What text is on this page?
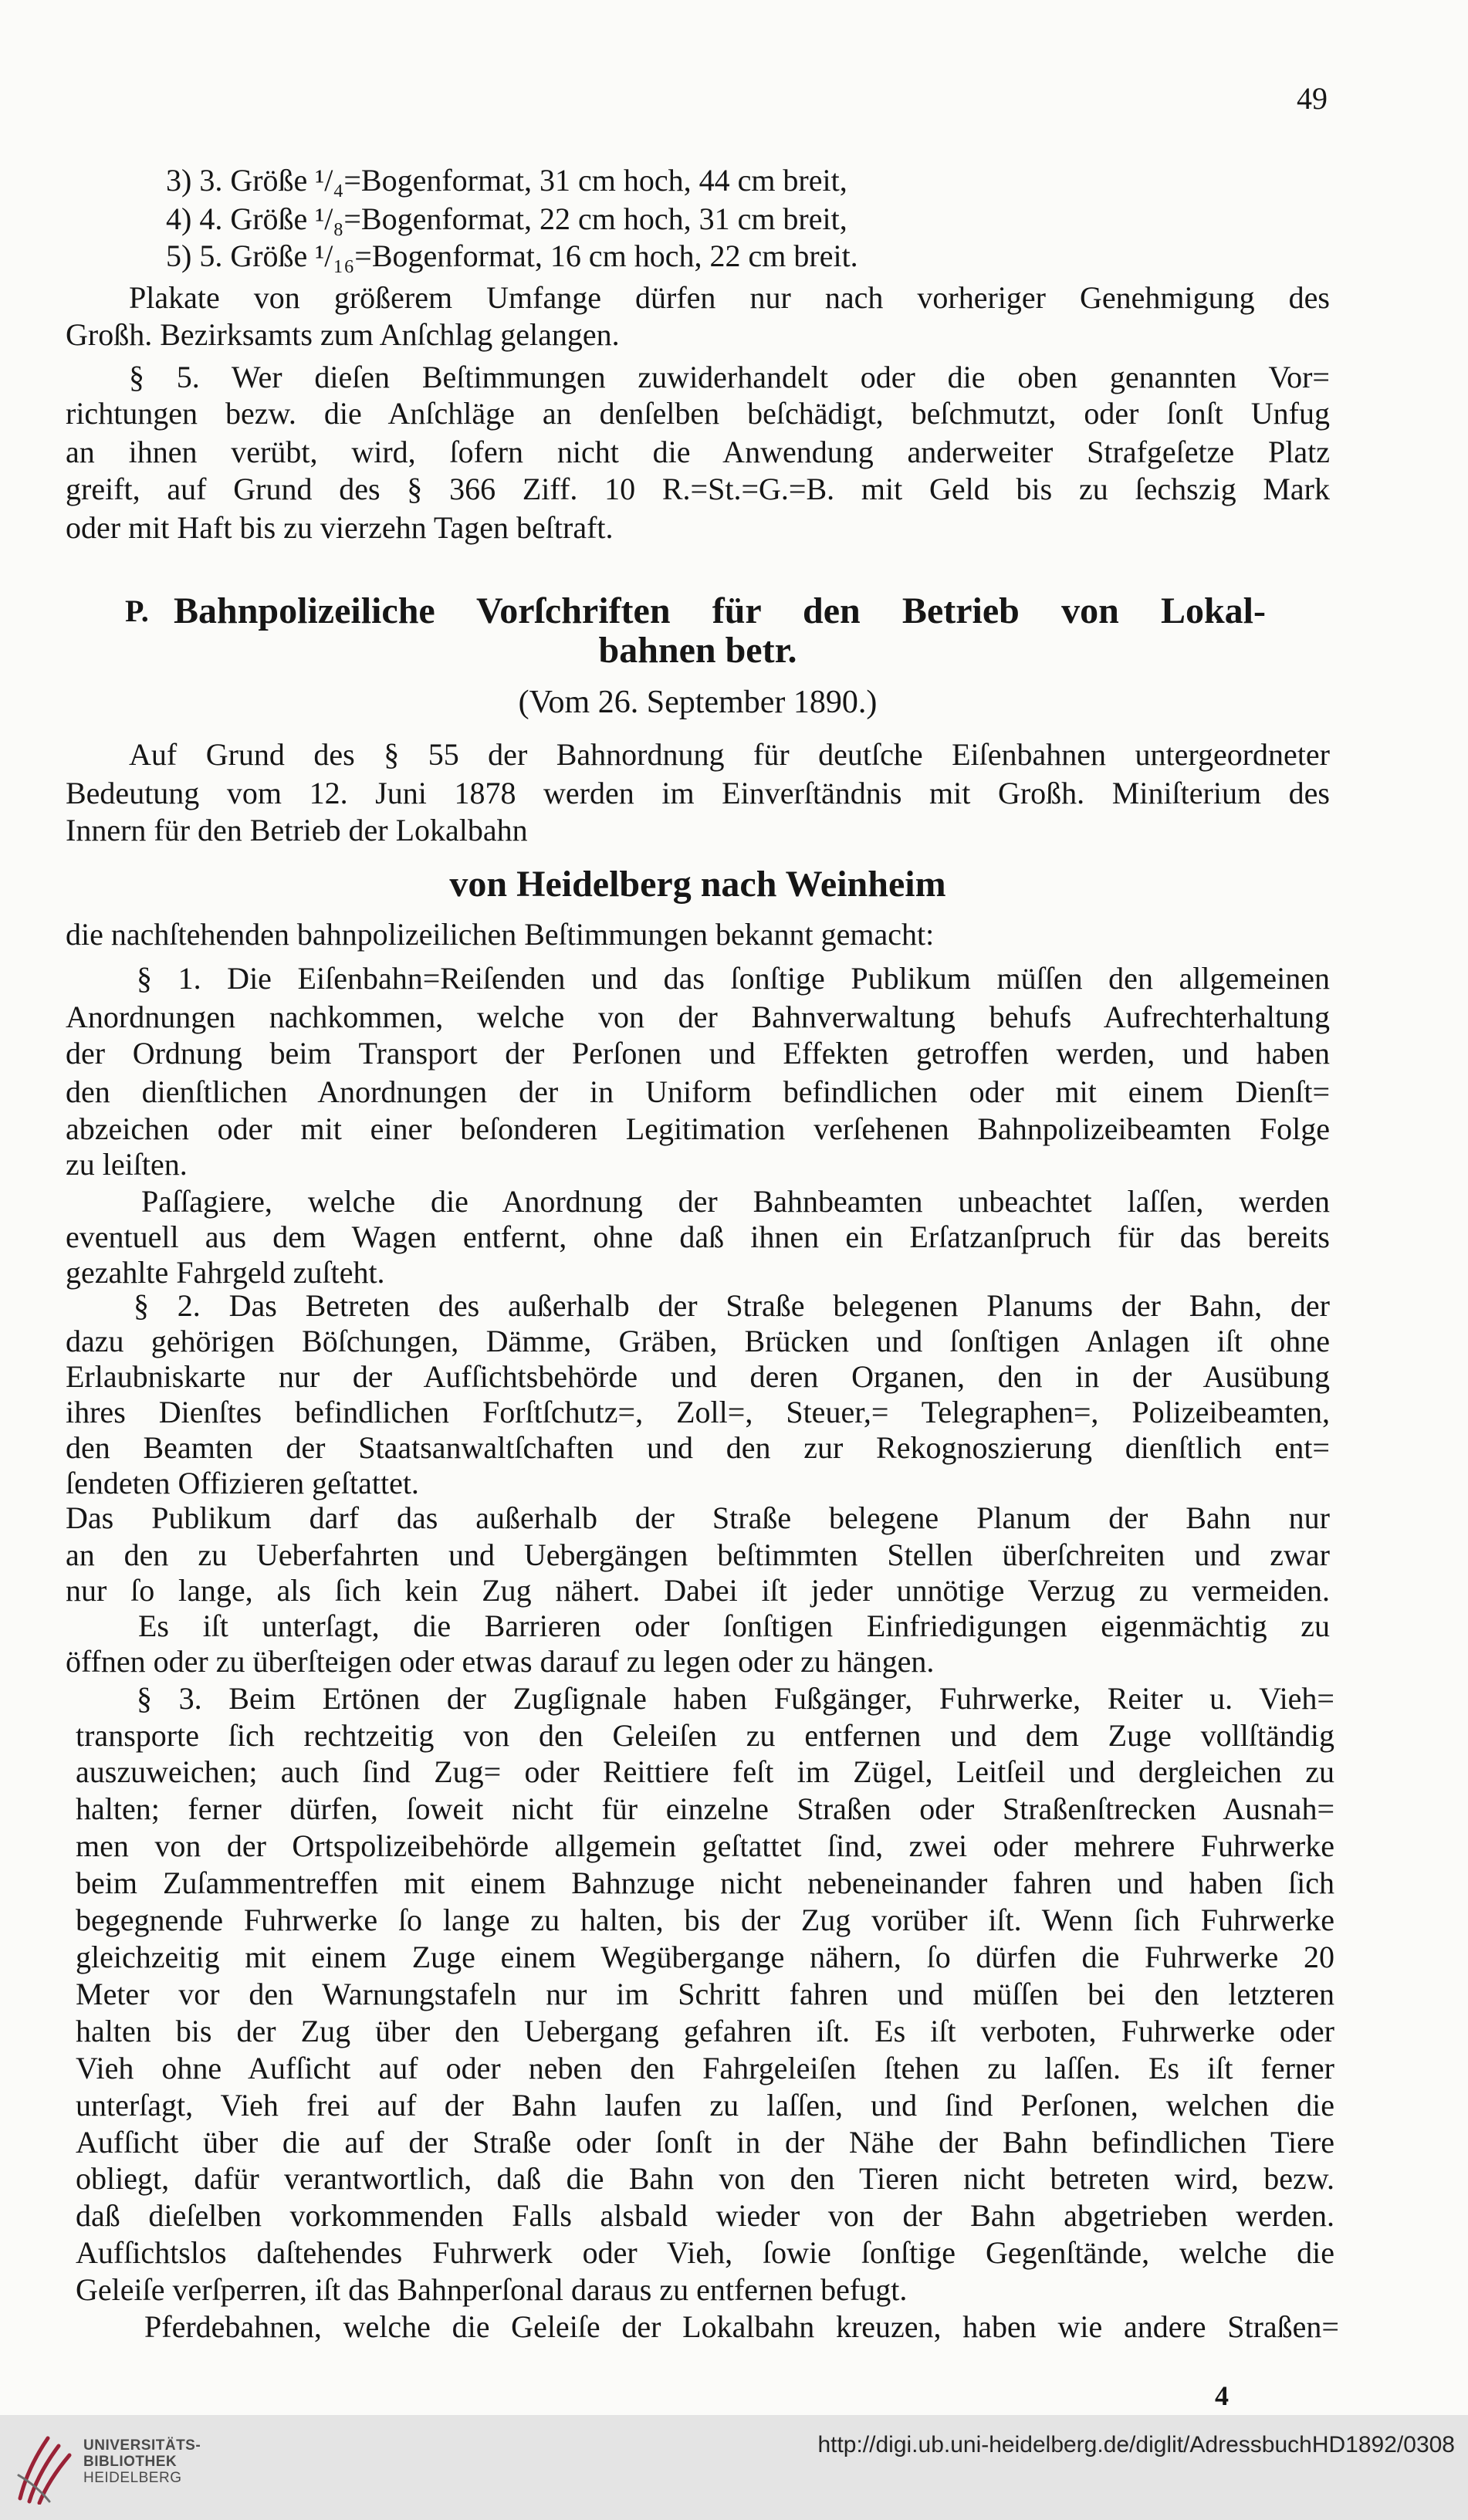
49
3) 3. Größe ¹/₄=Bogenformat, 31 cm hoch, 44 cm breit,
4) 4. Größe ¹/₈=Bogenformat, 22 cm hoch, 31 cm breit,
5) 5. Größe ¹/₁₆=Bogenformat, 16 cm hoch, 22 cm breit.
Plakate von größerem Umfange dürfen nur nach vorheriger Genehmigung des
Großh. Bezirksamts zum Anſchlag gelangen.
§ 5. Wer dieſen Beſtimmungen zuwiderhandelt oder die oben genannten Vor=
richtungen bezw. die Anſchläge an denſelben beſchädigt, beſchmutzt, oder ſonſt Unfug
an ihnen verübt, wird, ſofern nicht die Anwendung anderweiter Strafgeſetze Platz
greift, auf Grund des § 366 Ziff. 10 R.=St.=G.=B. mit Geld bis zu ſechszig Mark
oder mit Haft bis zu vierzehn Tagen beſtraft.
P. Bahnpolizeiliche Vorſchriften für den Betrieb von Lokal-
bahnen betr.
(Vom 26. September 1890.)
Auf Grund des § 55 der Bahnordnung für deutſche Eiſenbahnen untergeordneter
Bedeutung vom 12. Juni 1878 werden im Einverſtändnis mit Großh. Miniſterium des
Innern für den Betrieb der Lokalbahn
von Heidelberg nach Weinheim
die nachſtehenden bahnpolizeilichen Beſtimmungen bekannt gemacht:
§ 1. Die Eiſenbahn=Reiſenden und das ſonſtige Publikum müſſen den allgemeinen
Anordnungen nachkommen, welche von der Bahnverwaltung behufs Aufrechterhaltung
der Ordnung beim Transport der Perſonen und Effekten getroffen werden, und haben
den dienſtlichen Anordnungen der in Uniform befindlichen oder mit einem Dienſt=
abzeichen oder mit einer beſonderen Legitimation verſehenen Bahnpolizeibeamten Folge
zu leiſten.
Paſſagiere, welche die Anordnung der Bahnbeamten unbeachtet laſſen, werden
eventuell aus dem Wagen entfernt, ohne daß ihnen ein Erſatzanſpruch für das bereits
gezahlte Fahrgeld zuſteht.
§ 2. Das Betreten des außerhalb der Straße belegenen Planums der Bahn, der
dazu gehörigen Böſchungen, Dämme, Gräben, Brücken und ſonſtigen Anlagen iſt ohne
Erlaubniskarte nur der Aufſichtsbehörde und deren Organen, den in der Ausübung
ihres Dienſtes befindlichen Forſtſchutz=, Zoll=, Steuer,= Telegraphen=, Polizeibeamten,
den Beamten der Staatsanwaltſchaften und den zur Rekognoszierung dienſtlich ent=
ſendeten Offizieren geſtattet.
Das Publikum darf das außerhalb der Straße belegene Planum der Bahn nur
an den zu Ueberfahrten und Uebergängen beſtimmten Stellen überſchreiten und zwar
nur ſo lange, als ſich kein Zug nähert. Dabei iſt jeder unnötige Verzug zu vermeiden.
Es iſt unterſagt, die Barrieren oder ſonſtigen Einfriedigungen eigenmächtig zu
öffnen oder zu überſteigen oder etwas darauf zu legen oder zu hängen.
§ 3. Beim Ertönen der Zugſignale haben Fußgänger, Fuhrwerke, Reiter u. Vieh=
transporte ſich rechtzeitig von den Geleiſen zu entfernen und dem Zuge vollſtändig
auszuweichen; auch ſind Zug= oder Reittiere feſt im Zügel, Leitſeil und dergleichen zu
halten; ferner dürfen, ſoweit nicht für einzelne Straßen oder Straßenſtrecken Ausnah=
men von der Ortspolizeibehörde allgemein geſtattet ſind, zwei oder mehrere Fuhrwerke
beim Zuſammentreffen mit einem Bahnzuge nicht nebeneinander fahren und haben ſich
begegnende Fuhrwerke ſo lange zu halten, bis der Zug vorüber iſt. Wenn ſich Fuhrwerke
gleichzeitig mit einem Zuge einem Wegübergange nähern, ſo dürfen die Fuhrwerke 20
Meter vor den Warnungstafeln nur im Schritt fahren und müſſen bei den letzteren
halten bis der Zug über den Uebergang gefahren iſt. Es iſt verboten, Fuhrwerke oder
Vieh ohne Aufſicht auf oder neben den Fahrgeleiſen ſtehen zu laſſen. Es iſt ferner
unterſagt, Vieh frei auf der Bahn laufen zu laſſen, und ſind Perſonen, welchen die
Aufſicht über die auf der Straße oder ſonſt in der Nähe der Bahn befindlichen Tiere
obliegt, dafür verantwortlich, daß die Bahn von den Tieren nicht betreten wird, bezw.
daß dieſelben vorkommenden Falls alsbald wieder von der Bahn abgetrieben werden.
Aufſichtslos daſtehendes Fuhrwerk oder Vieh, ſowie ſonſtige Gegenſtände, welche die
Geleiſe verſperren, iſt das Bahnperſonal daraus zu entfernen befugt.
Pferdebahnen, welche die Geleiſe der Lokalbahn kreuzen, haben wie andere Straßen=
4
UNIVERSITÄTS-
BIBLIOTHEK
HEIDELBERG
http://digi.ub.uni-heidelberg.de/diglit/AdressbuchHD1892/0308
